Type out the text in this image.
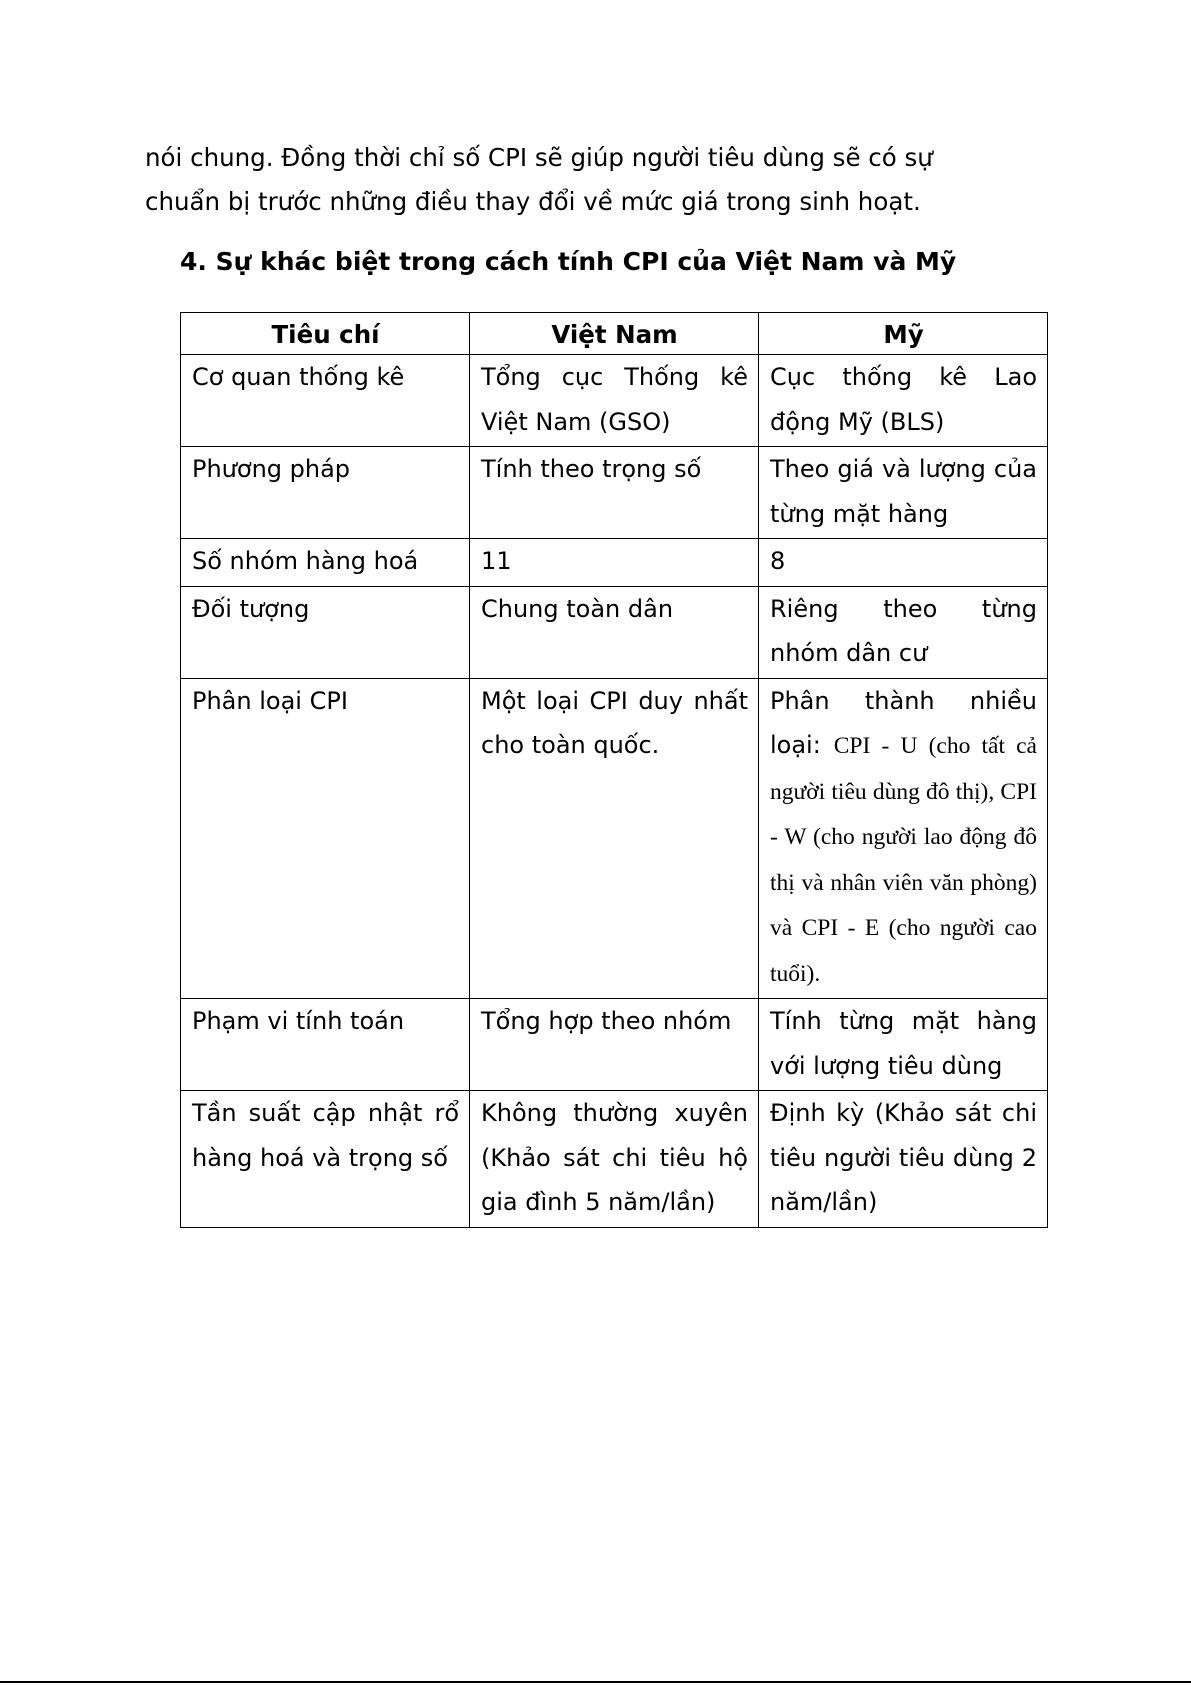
nói chung. Đồng thời chỉ số CPI sẽ giúp người tiêu dùng sẽ có sự
chuẩn bị trước những điều thay đổi về mức giá trong sinh hoạt.
4. Sự khác biệt trong cách tính CPI của Việt Nam và Mỹ
Tiêu chí	Việt Nam	Mỹ
Cơ quan thống kê	Tổng cục Thống kê Việt Nam (GSO)	Cục thống kê Lao động Mỹ (BLS)
Phương pháp	Tính theo trọng số	Theo giá và lượng của từng mặt hàng
Số nhóm hàng hoá	11	8
Đối tượng	Chung toàn dân	Riêng theo từng nhóm dân cư
Phân loại CPI	Một loại CPI duy nhất cho toàn quốc.	Phân thành nhiều loại: CPI - U (cho tất cả người tiêu dùng đô thị), CPI - W (cho người lao động đô thị và nhân viên văn phòng) và CPI - E (cho người cao tuổi).
Phạm vi tính toán	Tổng hợp theo nhóm	Tính từng mặt hàng với lượng tiêu dùng
Tần suất cập nhật rổ hàng hoá và trọng số	Không thường xuyên (Khảo sát chi tiêu hộ gia đình 5 năm/lần)	Định kỳ (Khảo sát chi tiêu người tiêu dùng 2 năm/lần)
